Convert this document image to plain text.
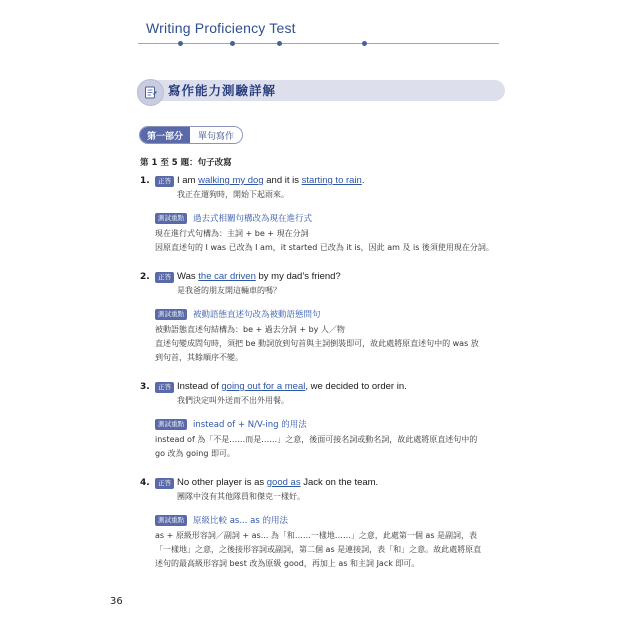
Writing Proficiency Test
寫作能力測驗詳解
第一部分	單句寫作
第 1 至 5 題：句子改寫
1.	正答 I am walking my dog and it is starting to rain.
我正在遛狗時，開始下起雨來。
測試重點	過去式相關句構改為現在進行式
現在進行式句構為：主詞 + be + 現在分詞
因原直述句的 I was 已改為 I am，it started 已改為 it is，因此 am 及 is 後須使用現在分詞。
2.	正答 Was the car driven by my dad’s friend?
是我爸的朋友開這輛車的嗎？
測試重點	被動語態直述句改為被動語態問句
被動語態直述句結構為：be + 過去分詞 + by 人／物
直述句變成問句時，須把 be 動詞放到句首與主詞倒裝即可，故此處將原直述句中的 was 放
到句首，其餘順序不變。
3.	正答 Instead of going out for a meal, we decided to order in.
我們決定叫外送而不出外用餐。
測試重點	instead of + N/V-ing 的用法
instead of 為「不是……而是……」之意，後面可接名詞或動名詞，故此處將原直述句中的
go 改為 going 即可。
4.	正答 No other player is as good as Jack on the team.
團隊中沒有其他隊員和傑克一樣好。
測試重點	原級比較 as... as 的用法
as + 原級形容詞／副詞 + as... 為「和……一樣地……」之意，此處第一個 as 是副詞，表
「一樣地」之意，之後接形容詞或副詞，第二個 as 是連接詞，表「和」之意。故此處將原直
述句的最高級形容詞 best 改為原級 good，再加上 as 和主詞 Jack 即可。
36
